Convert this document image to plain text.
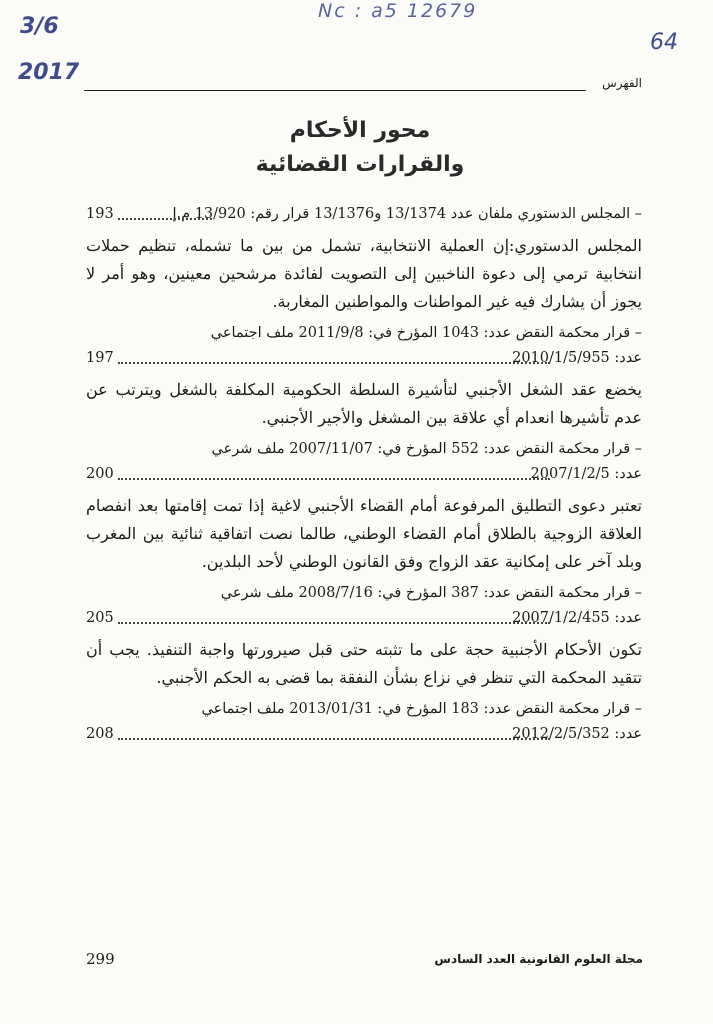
Nc : a5 12679
3/6
2017
64
الفهرس
محور الأحكام
والقرارات القضائية
– المجلس الدستوري ملفان عدد 13/1374 و13/1376 قرار رقم: 13/920 م.إ
193
المجلس الدستوري:إن العملية الانتخابية، تشمل من بين ما تشمله، تنظيم حملات انتخابية ترمي إلى دعوة الناخبين إلى التصويت لفائدة مرشحين معينين، وهو أمر لا يجوز أن يشارك فيه غير المواطنات والمواطنين المغاربة.
– قرار محكمة النقض عدد: 1043 المؤرخ في: 2011/9/8 ملف اجتماعي
عدد: 2010/1/5/955
197
يخضع عقد الشغل الأجنبي لتأشيرة السلطة الحكومية المكلفة بالشغل ويترتب عن عدم تأشيرها انعدام أي علاقة بين المشغل والأجير الأجنبي.
– قرار محكمة النقض عدد: 552 المؤرخ في: 2007/11/07 ملف شرعي
عدد: 2007/1/2/5
200
تعتبر دعوى التطليق المرفوعة أمام القضاء الأجنبي لاغية إذا تمت إقامتها بعد انفصام العلاقة الزوجية بالطلاق أمام القضاء الوطني، طالما نصت اتفاقية ثنائية بين المغرب وبلد آخر على إمكانية عقد الزواج وفق القانون الوطني لأحد البلدين.
– قرار محكمة النقض عدد: 387 المؤرخ في: 2008/7/16 ملف شرعي
عدد: 2007/1/2/455
205
تكون الأحكام الأجنبية حجة على ما تثبته حتى قبل صيرورتها واجبة التنفيذ. يجب أن تتقيد المحكمة التي تنظر في نزاع بشأن النفقة بما قضى به الحكم الأجنبي.
– قرار محكمة النقض عدد: 183 المؤرخ في: 2013/01/31 ملف اجتماعي
عدد: 2012/2/5/352
208
مجلة العلوم القانونية العدد السادس
299
